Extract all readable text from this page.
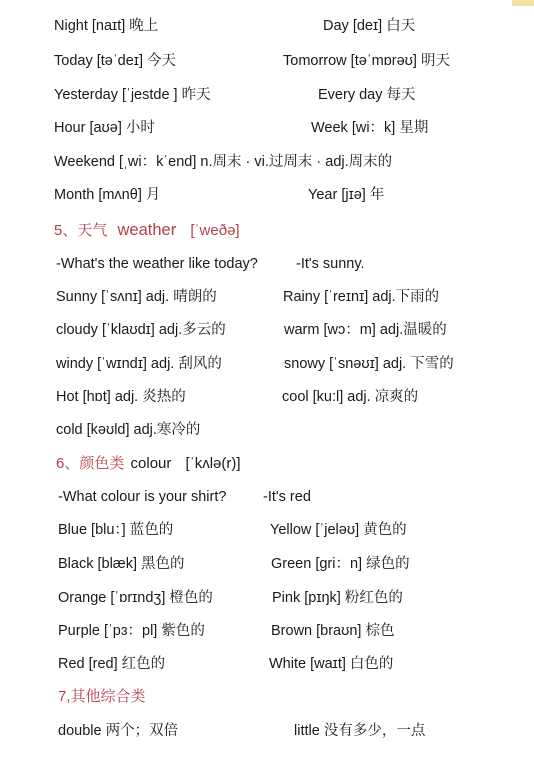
Night [naɪt] 晚上	Day [deɪ] 白天
Today [təˈdeɪ] 今天	Tomorrow [təˈmɒrəʊ] 明天
Yesterday [ˈjestde ] 昨天	Every day 每天
Hour [aʊə] 小时	Week [wi：k] 星期
Weekend [ˌwi：kˈend] n.周末 · vi.过周末 · adj.周末的
Month [mʌnθ] 月	Year [jɪə] 年
5、天气 weather [ˈweðə]
-What's the weather like today?	-It's sunny.
Sunny [ˈsʌnɪ] adj. 晴朗的	Rainy [ˈreɪnɪ] adj.下雨的
cloudy [ˈklaʊdɪ] adj.多云的	warm [wɔ：m] adj.温暖的
windy [ˈwɪndɪ] adj. 刮风的	snowy [ˈsnəʊɪ] adj. 下雪的
Hot [hɒt] adj. 炎热的	cool [ku:l] adj. 凉爽的
cold [kəʊld] adj.寒冷的
6、颜色类 colour [ˈkʌlə(r)]
-What colour is your shirt?	-It's red
Blue [blu：] 蓝色的	Yellow [ˈjeləʊ] 黄色的
Black [blæk] 黑色的	Green [gri：n] 绿色的
Orange [ˈɒrɪndʒ] 橙色的	Pink [pɪŋk] 粉红色的
Purple [ˈpɜ：pl] 紫色的	Brown [braʊn] 棕色
Red [red] 红色的	White [waɪt] 白色的
7,其他综合类
double 两个；双倍	little 没有多少，一点
